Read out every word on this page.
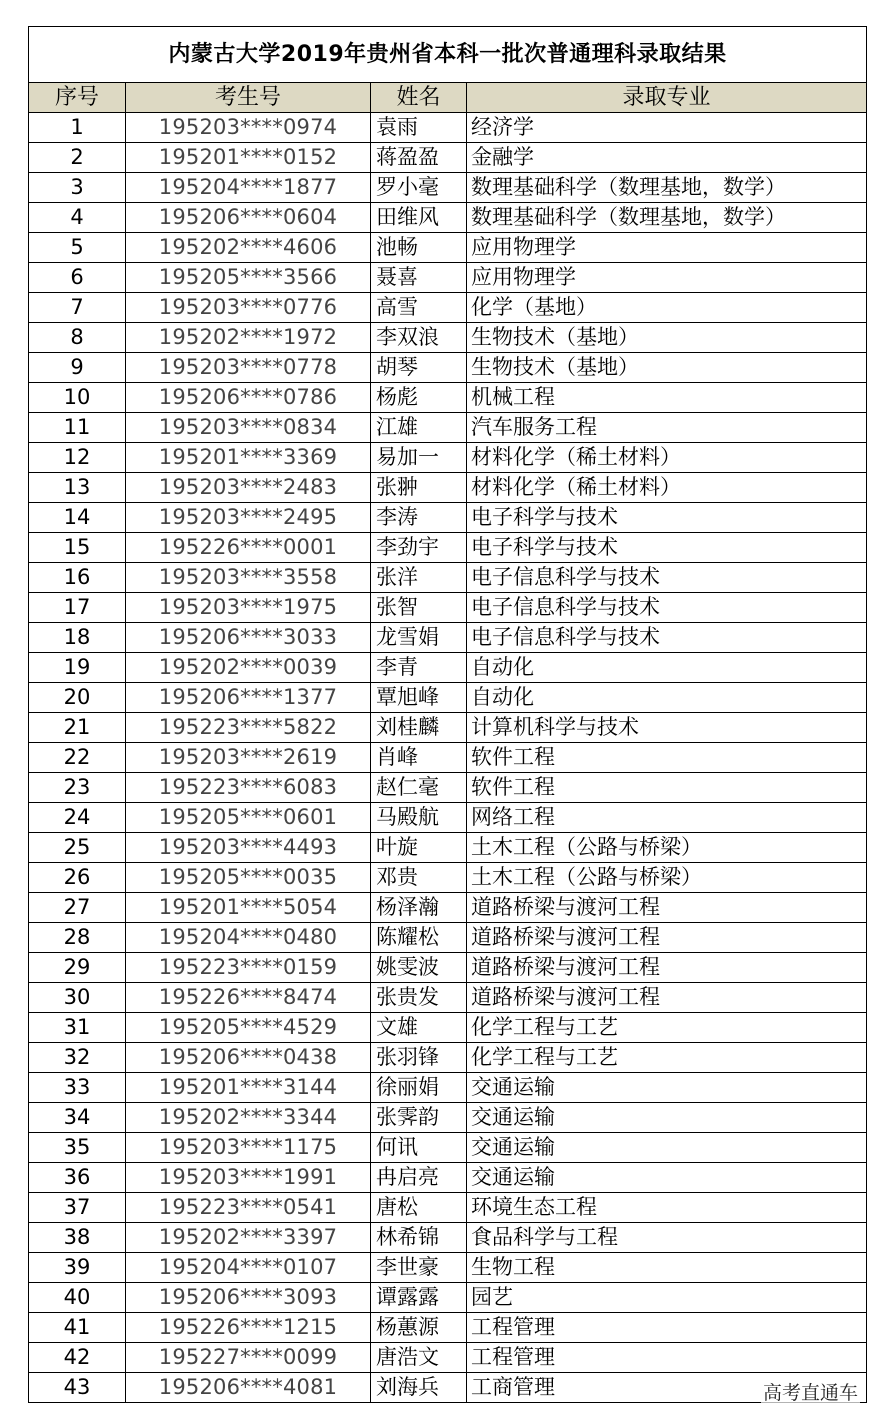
内蒙古大学2019年贵州省本科一批次普通理科录取结果			
序号	考生号	姓名	录取专业
1	195203****0974	袁雨	经济学
2	195201****0152	蒋盈盈	金融学
3	195204****1877	罗小毫	数理基础科学（数理基地，数学）
4	195206****0604	田维风	数理基础科学（数理基地，数学）
5	195202****4606	池畅	应用物理学
6	195205****3566	聂喜	应用物理学
7	195203****0776	高雪	化学（基地）
8	195202****1972	李双浪	生物技术（基地）
9	195203****0778	胡琴	生物技术（基地）
10	195206****0786	杨彪	机械工程
11	195203****0834	江雄	汽车服务工程
12	195201****3369	易加一	材料化学（稀土材料）
13	195203****2483	张翀	材料化学（稀土材料）
14	195203****2495	李涛	电子科学与技术
15	195226****0001	李劲宇	电子科学与技术
16	195203****3558	张洋	电子信息科学与技术
17	195203****1975	张智	电子信息科学与技术
18	195206****3033	龙雪娟	电子信息科学与技术
19	195202****0039	李青	自动化
20	195206****1377	覃旭峰	自动化
21	195223****5822	刘桂麟	计算机科学与技术
22	195203****2619	肖峰	软件工程
23	195223****6083	赵仁毫	软件工程
24	195205****0601	马殿航	网络工程
25	195203****4493	叶旋	土木工程（公路与桥梁）
26	195205****0035	邓贵	土木工程（公路与桥梁）
27	195201****5054	杨泽瀚	道路桥梁与渡河工程
28	195204****0480	陈耀松	道路桥梁与渡河工程
29	195223****0159	姚雯波	道路桥梁与渡河工程
30	195226****8474	张贵发	道路桥梁与渡河工程
31	195205****4529	文雄	化学工程与工艺
32	195206****0438	张羽锋	化学工程与工艺
33	195201****3144	徐丽娟	交通运输
34	195202****3344	张霁韵	交通运输
35	195203****1175	何讯	交通运输
36	195203****1991	冉启亮	交通运输
37	195223****0541	唐松	环境生态工程
38	195202****3397	林希锦	食品科学与工程
39	195204****0107	李世豪	生物工程
40	195206****3093	谭露露	园艺
41	195226****1215	杨蕙源	工程管理
42	195227****0099	唐浩文	工程管理
43	195206****4081	刘海兵	工商管理	高考直通车
